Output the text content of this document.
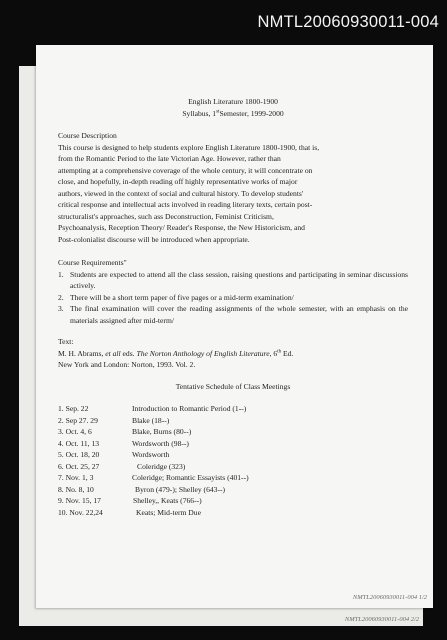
NMTL20060930011-004
NMTL20060930011-004 2/2
NMTL20060930011-004 1/2
English Literature 1800-1900
Syllabus, 1stSemester, 1999-2000
Course Description

This course is designed to help students explore English Literature 1800-1900, that is,

from the Romantic Period to the late Victorian Age. However, rather than

attempting at a comprehensive coverage of the whole century, it will concentrate on

close, and hopefully, in-depth reading off highly representative works of major

authors, viewed in the context of social and cultural history. To develop students'

critical response and intellectual acts involved in reading literary texts, certain post-

structuralist's approaches, such ass Deconstruction, Feminist Criticism,

Psychoanalysis, Reception Theory/ Reader's Response, the New Historicism, and

Post-colonialist discourse will be introduced when appropriate.

Course Requirements"
1. Students are expected to attend all the class session, raising questions and participating in seminar discussions actively.
2. There will be a short term paper of five pages or a mid-term examination/
3. The final examination will cover the reading assignments of the whole semester, with an emphasis on the materials assigned after mid-term/
Text:
M. H. Abrams, et all eds. The Norton Anthology of English Literature, 6th Ed.
New York and London: Norton, 1993. Vol. 2.
Tentative Schedule of Class Meetings
1. Sep. 22	Introduction to Romantic Period (1--)
2. Sep 27. 29	Blake (18--)
3. Oct. 4, 6	Blake, Burns (80--)
4. Oct. 11, 13	Wordsworth (98--)
5. Oct. 18, 20	Wordsworth
6. Oct. 25, 27	Coleridge (323)
7. Nov. 1, 3	Coleridge; Romantic Essayists (401--)
8. No. 8, 10	Byron (479-); Shelley (643--)
9. Nov. 15, 17	Shelley,, Keats (766--)
10. Nov. 22,24	Keats; Mid-term Due
